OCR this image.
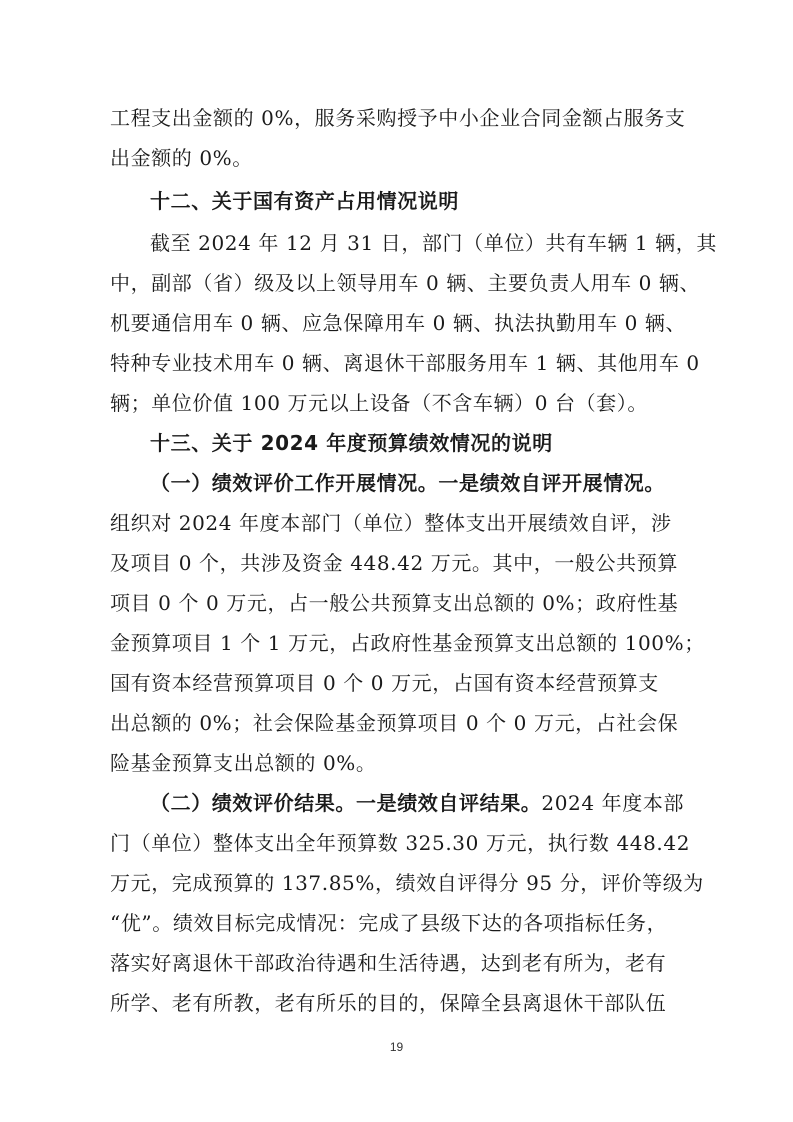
工程支出金额的 0%，服务采购授予中小企业合同金额占服务支
出金额的 0%。
十二、关于国有资产占用情况说明
截至 2024 年 12 月 31 日，部门（单位）共有车辆 1 辆，其
中，副部（省）级及以上领导用车 0 辆、主要负责人用车 0 辆、
机要通信用车 0 辆、应急保障用车 0 辆、执法执勤用车 0 辆、
特种专业技术用车 0 辆、离退休干部服务用车 1 辆、其他用车 0
辆；单位价值 100 万元以上设备（不含车辆）0 台（套）。
十三、关于 2024 年度预算绩效情况的说明
（一）绩效评价工作开展情况。一是绩效自评开展情况。
组织对 2024 年度本部门（单位）整体支出开展绩效自评，涉
及项目 0 个，共涉及资金 448.42 万元。其中，一般公共预算
项目 0 个 0 万元，占一般公共预算支出总额的 0%；政府性基
金预算项目 1 个 1 万元，占政府性基金预算支出总额的 100%；
国有资本经营预算项目 0 个 0 万元，占国有资本经营预算支
出总额的 0%；社会保险基金预算项目 0 个 0 万元，占社会保
险基金预算支出总额的 0%。
（二）绩效评价结果。一是绩效自评结果。2024 年度本部
门（单位）整体支出全年预算数 325.30 万元，执行数 448.42
万元，完成预算的 137.85%，绩效自评得分 95 分，评价等级为
“优”。绩效目标完成情况：完成了县级下达的各项指标任务，
落实好离退休干部政治待遇和生活待遇，达到老有所为，老有
所学、老有所教，老有所乐的目的，保障全县离退休干部队伍
19
